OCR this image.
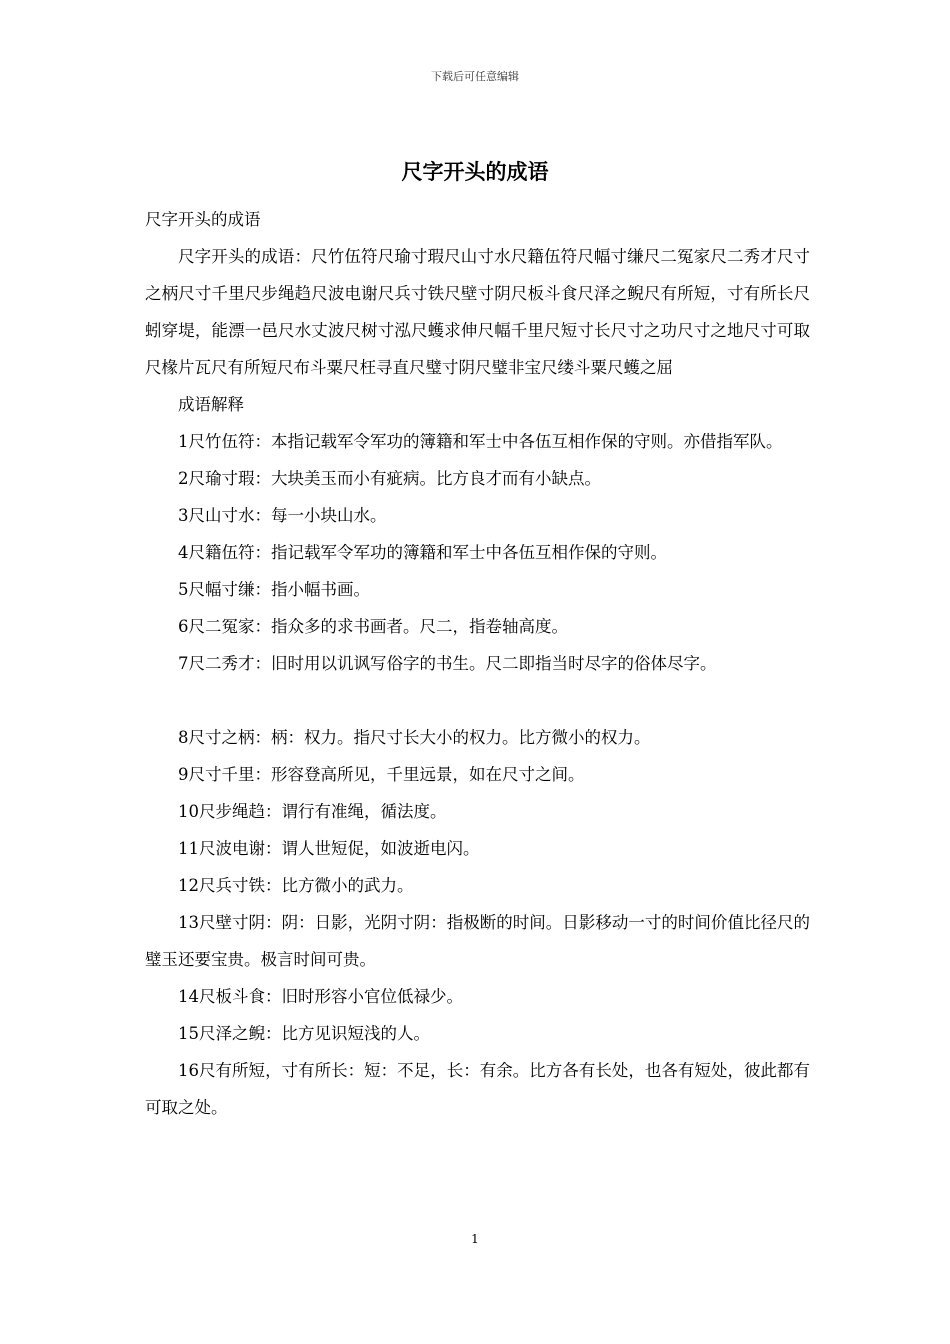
下载后可任意编辑
尺字开头的成语

尺字开头的成语

尺字开头的成语：尺竹伍符尺瑜寸瑕尺山寸水尺籍伍符尺幅寸缣尺二冤家尺二秀才尺寸之柄尺寸千里尺步绳趋尺波电谢尺兵寸铁尺壁寸阴尺板斗食尺泽之鲵尺有所短，寸有所长尺蚓穿堤，能漂一邑尺水丈波尺树寸泓尺蠖求伸尺幅千里尺短寸长尺寸之功尺寸之地尺寸可取尺椽片瓦尺有所短尺布斗粟尺枉寻直尺璧寸阴尺璧非宝尺缕斗粟尺蠖之屈

成语解释

1尺竹伍符：本指记载军令军功的簿籍和军士中各伍互相作保的守则。亦借指军队。

2尺瑜寸瑕：大块美玉而小有疵病。比方良才而有小缺点。

3尺山寸水：每一小块山水。

4尺籍伍符：指记载军令军功的簿籍和军士中各伍互相作保的守则。

5尺幅寸缣：指小幅书画。

6尺二冤家：指众多的求书画者。尺二，指卷轴高度。

7尺二秀才：旧时用以讥讽写俗字的书生。尺二即指当时尽字的俗体尽字。

8尺寸之柄：柄：权力。指尺寸长大小的权力。比方微小的权力。

9尺寸千里：形容登高所见，千里远景，如在尺寸之间。

10尺步绳趋：谓行有准绳，循法度。

11尺波电谢：谓人世短促，如波逝电闪。

12尺兵寸铁：比方微小的武力。

13尺壁寸阴：阴：日影，光阴寸阴：指极断的时间。日影移动一寸的时间价值比径尺的璧玉还要宝贵。极言时间可贵。

14尺板斗食：旧时形容小官位低禄少。

15尺泽之鲵：比方见识短浅的人。

16尺有所短，寸有所长：短：不足，长：有余。比方各有长处，也各有短处，彼此都有可取之处。

1
